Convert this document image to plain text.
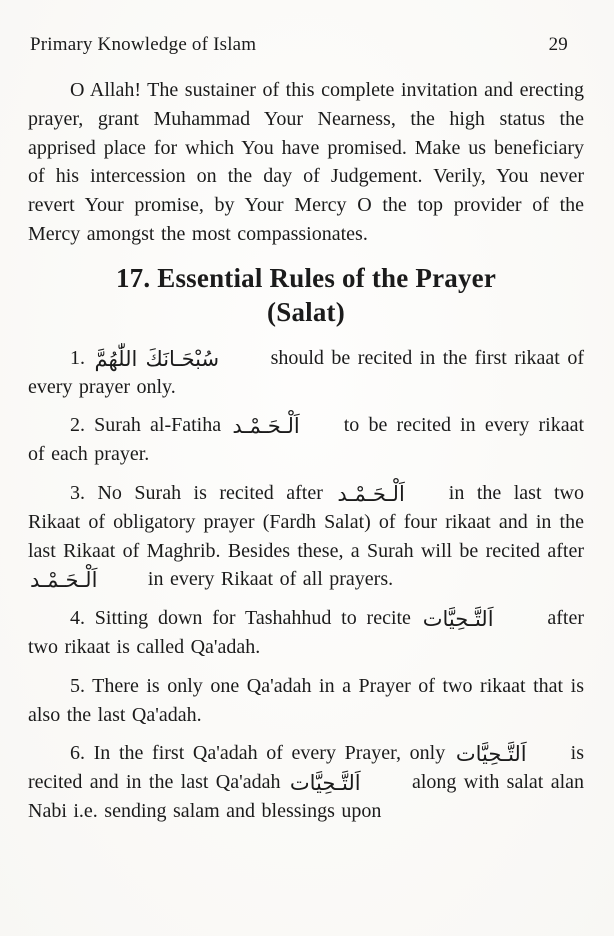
Primary Knowledge of Islam	29

O Allah! The sustainer of this complete invitation and erecting prayer, grant Muhammad Your Nearness, the high status the apprised place for which You have promised. Make us beneficiary of his intercession on the day of Judgement. Verily, You never revert Your promise, by Your Mercy O the top provider of the Mercy amongst the most compassionates.

17. Essential Rules of the Prayer
(Salat)

1. سُبْحَـانَكَ اللّٰهُمَّ should be recited in the first rikaat of every prayer only.

2. Surah al-Fatiha اَلْـحَـمْـد to be recited in every rikaat of each prayer.

3. No Surah is recited after اَلْـحَـمْـد in the last two Rikaat of obligatory prayer (Fardh Salat) of four rikaat and in the last Rikaat of Maghrib. Besides these, a Surah will be recited after اَلْـحَـمْـد in every Rikaat of all prayers.

4. Sitting down for Tashahhud to recite اَلتَّـحِيَّات after two rikaat is called Qa'adah.

5. There is only one Qa'adah in a Prayer of two rikaat that is also the last Qa'adah.

6. In the first Qa'adah of every Prayer, only اَلتَّـحِيَّات is recited and in the last Qa'adah اَلتَّـحِيَّات along with salat alan Nabi i.e. sending salam and blessings upon
